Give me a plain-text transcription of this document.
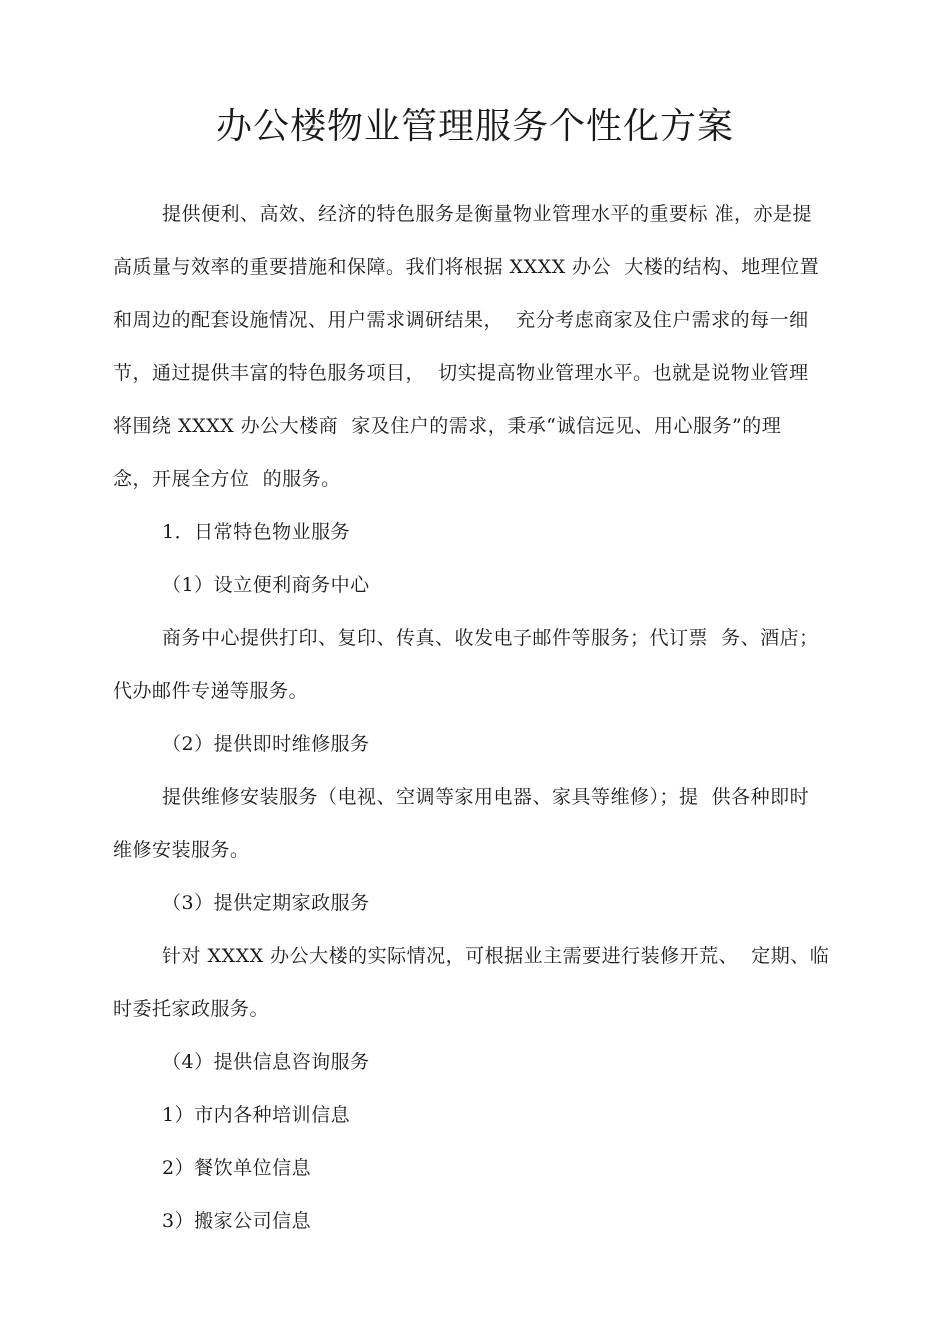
办公楼物业管理服务个性化方案
提供便利、高效、经济的特色服务是衡量物业管理水平的重要标 准，亦是提
高质量与效率的重要措施和保障。我们将根据 XXXX 办公  大楼的结构、地理位置
和周边的配套设施情况、用户需求调研结果，  充分考虑商家及住户需求的每一细
节，通过提供丰富的特色服务项目，  切实提高物业管理水平。也就是说物业管理
将围绕 XXXX 办公大楼商  家及住户的需求，秉承“诚信远见、用心服务”的理
念，开展全方位  的服务。
1．日常特色物业服务
（1）设立便利商务中心
商务中心提供打印、复印、传真、收发电子邮件等服务；代订票  务、酒店；
代办邮件专递等服务。
（2）提供即时维修服务
提供维修安装服务（电视、空调等家用电器、家具等维修）；提  供各种即时
维修安装服务。
（3）提供定期家政服务
针对 XXXX 办公大楼的实际情况，可根据业主需要进行装修开荒、  定期、临
时委托家政服务。
（4）提供信息咨询服务
1）市内各种培训信息
2）餐饮单位信息
3）搬家公司信息
